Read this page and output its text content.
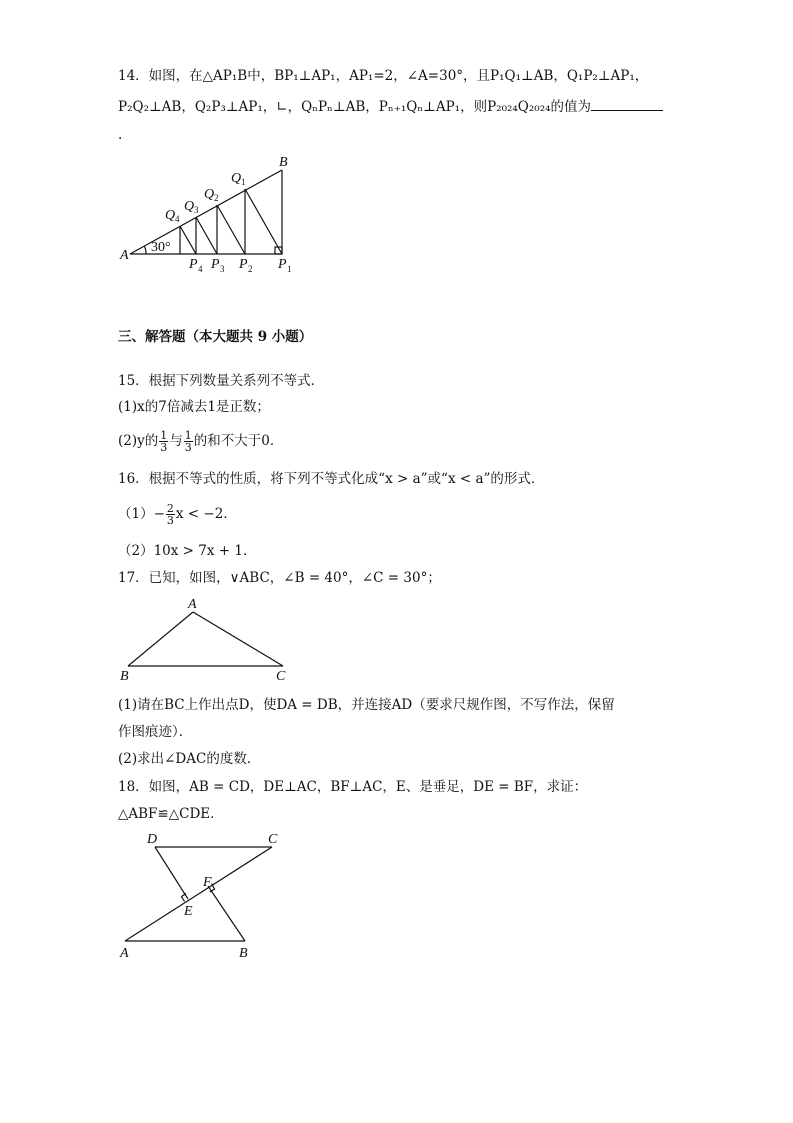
14．如图，在△AP₁B中，BP₁⊥AP₁，AP₁=2，∠A=30°，且P₁Q₁⊥AB，Q₁P₂⊥AP₁，
P₂Q₂⊥AB，Q₂P₃⊥AP₁，∟，QₙPₙ⊥AB，Pₙ₊₁Qₙ⊥AP₁，则P₂₀₂₄Q₂₀₂₄的值为
.
A
B
30°
Q 1
Q 2
Q 3
Q 4
P 1
P 2
P 3
P 4
A
B	C
D	C
F
E
A	B
三、解答题（本大题共 9 小题）
15．根据下列数量关系列不等式．
(1)x的7倍减去1是正数；
(2)y的 $\frac{1}{3}$ 与 $\frac{1}{3}$ 的和不大于0．
16．根据不等式的性质，将下列不等式化成“x > a”或“x < a”的形式．
$(1)- \frac{2}{3}$ x < −2．
（2）10x > 7x + 1．
17．已知，如图，∨ABC，∠B = 40°，∠C = 30°；
(1)请在BC上作出点D，使DA = DB，并连接AD（要求尺规作图，不写作法，保留
作图痕迹）．
(2)求出∠DAC的度数．
18．如图，AB = CD，DE⊥AC，BF⊥AC，E、是垂足，DE = BF，求证：
△ABF≌△CDE．
